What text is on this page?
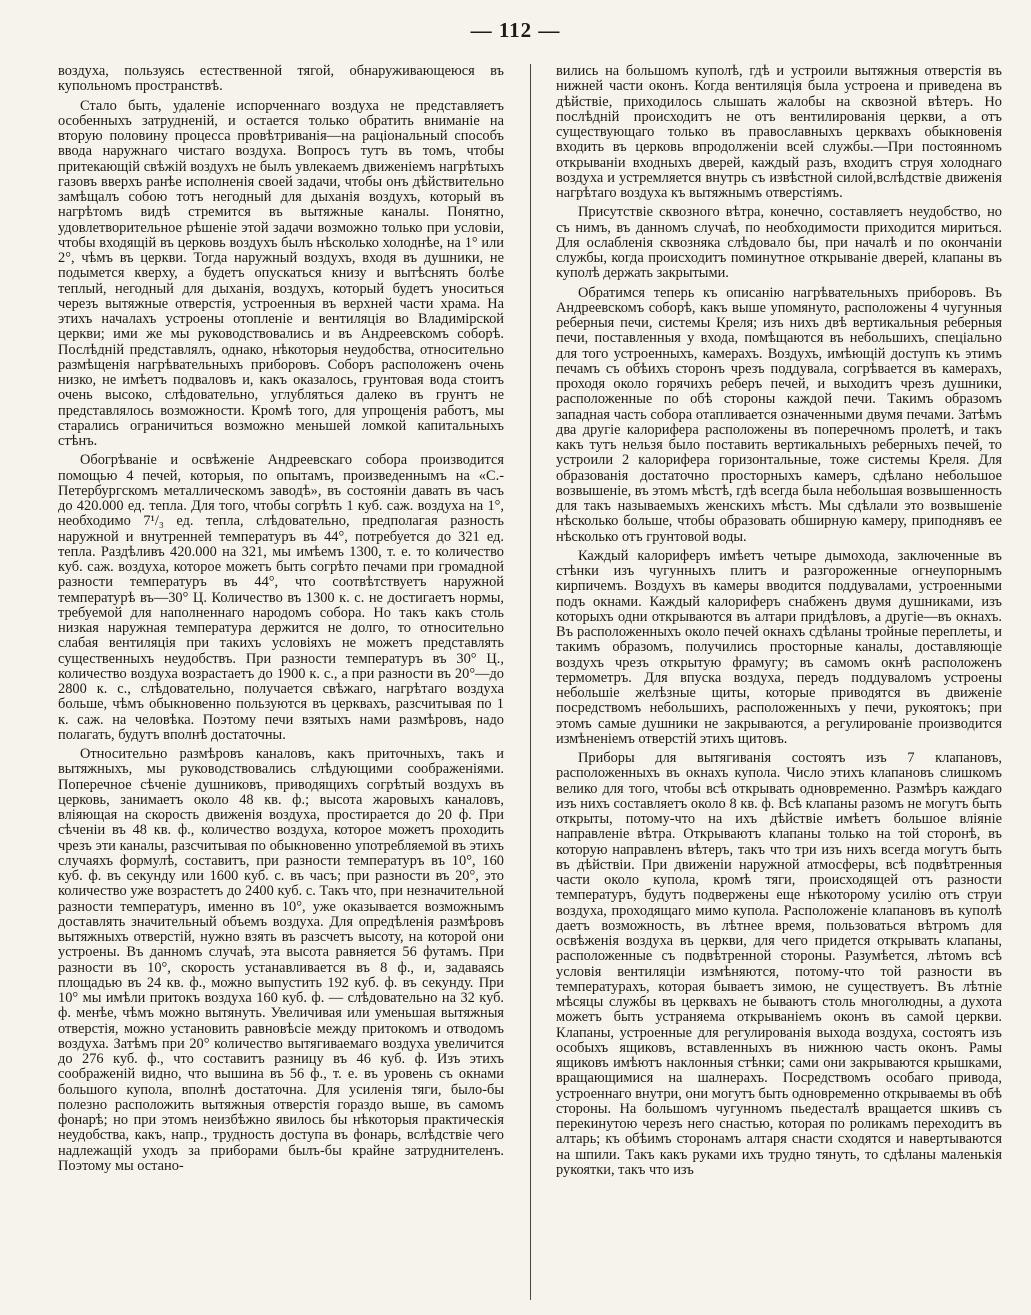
— 112 —

воздуха, пользуясь естественной тягой, обнаруживающеюся въ купольномъ пространствѣ.

Стало быть, удаленіе испорченнаго воздуха не представляетъ особенныхъ затрудненій, и остается только обратить вниманіе на вторую половину процесса провѣтриванія—на раціональный способъ ввода наружнаго чистаго воздуха. Вопросъ тутъ въ томъ, чтобы притекающій свѣжій воздухъ не былъ увлекаемъ движеніемъ нагрѣтыхъ газовъ вверхъ ранѣе исполненія своей задачи, чтобы онъ дѣйствительно замѣщалъ собою тотъ негодный для дыханія воздухъ, который въ нагрѣтомъ видѣ стремится въ вытяжные каналы. Понятно, удовлетворительное рѣшеніе этой задачи возможно только при условіи, чтобы входящій въ церковь воздухъ былъ нѣсколько холоднѣе, на 1° или 2°, чѣмъ въ церкви. Тогда наружный воздухъ, входя въ душники, не подымется кверху, а будетъ опускаться книзу и вытѣснять болѣе теплый, негодный для дыханія, воздухъ, который будетъ уноситься черезъ вытяжные отверстія, устроенныя въ верхней части храма. На этихъ началахъ устроены отопленіе и вентиляція во Владимірской церкви; ими же мы руководствовались и въ Андреевскомъ соборѣ. Послѣдній представлялъ, однако, нѣкоторыя неудобства, относительно размѣщенія нагрѣвательныхъ приборовъ. Соборъ расположенъ очень низко, не имѣетъ подваловъ и, какъ оказалось, грунтовая вода стоитъ очень высоко, слѣдовательно, углубляться далеко въ грунтъ не представлялось возможности. Кромѣ того, для упрощенія работъ, мы старались ограничиться возможно меньшей ломкой капитальныхъ стѣнъ.

Обогрѣваніе и освѣженіе Андреевскаго собора производится помощью 4 печей, которыя, по опытамъ, произведеннымъ на «С.-Петербургскомъ металлическомъ заводѣ», въ состояніи давать въ часъ до 420.000 ед. тепла. Для того, чтобы согрѣть 1 куб. саж. воздуха на 1°, необходимо 7¹/₃ ед. тепла, слѣдовательно, предполагая разность наружной и внутренней температуръ въ 44°, потребуется до 321 ед. тепла. Раздѣливъ 420.000 на 321, мы имѣемъ 1300, т. е. то количество куб. саж. воздуха, которое можетъ быть согрѣто печами при громадной разности температуръ въ 44°, что соотвѣтствуетъ наружной температурѣ въ—30° Ц. Количество въ 1300 к. с. не достигаетъ нормы, требуемой для наполненнаго народомъ собора. Но такъ какъ столь низкая наружная температура держится не долго, то относительно слабая вентиляція при такихъ условіяхъ не можетъ представлять существенныхъ неудобствъ. При разности температуръ въ 30° Ц., количество воздуха возрастаетъ до 1900 к. с., а при разности въ 20°—до 2800 к. с., слѣдовательно, получается свѣжаго, нагрѣтаго воздуха больше, чѣмъ обыкновенно пользуются въ церквахъ, разсчитывая по 1 к. саж. на человѣка. Поэтому печи взятыхъ нами размѣровъ, надо полагать, будутъ вполнѣ достаточны.

Относительно размѣровъ каналовъ, какъ приточныхъ, такъ и вытяжныхъ, мы руководствовались слѣдующими соображеніями. Поперечное сѣченіе душниковъ, приводящихъ согрѣтый воздухъ въ церковь, занимаетъ около 48 кв. ф.; высота жаровыхъ каналовъ, вліяющая на скорость движенія воздуха, простирается до 20 ф. При сѣченіи въ 48 кв. ф., количество воздуха, которое можетъ проходить чрезъ эти каналы, разсчитывая по обыкновенно употребляемой въ этихъ случаяхъ формулѣ, составитъ, при разности температуръ въ 10°, 160 куб. ф. въ секунду или 1600 куб. с. въ часъ; при разности въ 20°, это количество уже возрастетъ до 2400 куб. с. Такъ что, при незначительной разности температуръ, именно въ 10°, уже оказывается возможнымъ доставлять значительный объемъ воздуха. Для опредѣленія размѣровъ вытяжныхъ отверстій, нужно взять въ разсчетъ высоту, на которой они устроены. Въ данномъ случаѣ, эта высота равняется 56 футамъ. При разности въ 10°, скорость устанавливается въ 8 ф., и, задаваясь площадью въ 24 кв. ф., можно выпустить 192 куб. ф. въ секунду. При 10° мы имѣли притокъ воздуха 160 куб. ф. — слѣдовательно на 32 куб. ф. менѣе, чѣмъ можно вытянуть. Увеличивая или уменьшая вытяжныя отверстія, можно установить равновѣсіе между притокомъ и отводомъ воздуха. Затѣмъ при 20° количество вытягиваемаго воздуха увеличится до 276 куб. ф., что составитъ разницу въ 46 куб. ф. Изъ этихъ соображеній видно, что вышина въ 56 ф., т. е. въ уровень съ окнами большого купола, вполнѣ достаточна. Для усиленія тяги, было-бы полезно расположить вытяжныя отверстія гораздо выше, въ самомъ фонарѣ; но при этомъ неизбѣжно явилось бы нѣкоторыя практическія неудобства, какъ, напр., трудность доступа въ фонарь, вслѣдствіе чего надлежащій уходъ за приборами былъ-бы крайне затруднителенъ. Поэтому мы остано-

вились на большомъ куполѣ, гдѣ и устроили вытяжныя отверстія въ нижней части оконъ. Когда вентиляція была устроена и приведена въ дѣйствіе, приходилось слышать жалобы на сквозной вѣтеръ. Но послѣдній происходитъ не отъ вентилированія церкви, а отъ существующаго только въ православныхъ церквахъ обыкновенія входить въ церковь впродолженіи всей службы.—При постоянномъ открываніи входныхъ дверей, каждый разъ, входитъ струя холоднаго воздуха и устремляется внутрь съ извѣстной силой,вслѣдствіе движенія нагрѣтаго воздуха къ вытяжнымъ отверстіямъ.

Присутствіе сквозного вѣтра, конечно, составляетъ неудобство, но съ нимъ, въ данномъ случаѣ, по необходимости приходится мириться. Для ослабленія сквозняка слѣдовало бы, при началѣ и по окончаніи службы, когда происходитъ поминутное открываніе дверей, клапаны въ куполѣ держать закрытыми.

Обратимся теперь къ описанію нагрѣвательныхъ приборовъ. Въ Андреевскомъ соборѣ, какъ выше упомянуто, расположены 4 чугунныя реберныя печи, системы Креля; изъ нихъ двѣ вертикальныя реберныя печи, поставленныя у входа, помѣщаются въ небольшихъ, спеціально для того устроенныхъ, камерахъ. Воздухъ, имѣющій доступъ къ этимъ печамъ съ обѣихъ сторонъ чрезъ поддувала, согрѣвается въ камерахъ, проходя около горячихъ реберъ печей, и выходитъ чрезъ душники, расположенные по обѣ стороны каждой печи. Такимъ образомъ западная часть собора отапливается означенными двумя печами. Затѣмъ два другіе калорифера расположены въ поперечномъ пролетѣ, и такъ какъ тутъ нельзя было поставить вертикальныхъ реберныхъ печей, то устроили 2 калорифера горизонтальные, тоже системы Креля. Для образованія достаточно просторныхъ камеръ, сдѣлано небольшое возвышеніе, въ этомъ мѣстѣ, гдѣ всегда была небольшая возвышенность для такъ называемыхъ женскихъ мѣстъ. Мы сдѣлали это возвышеніе нѣсколько больше, чтобы образовать обширную камеру, приподнявъ ее нѣсколько отъ грунтовой воды.

Каждый калориферъ имѣетъ четыре дымохода, заключенные въ стѣнки изъ чугунныхъ плитъ и разгороженные огнеупорнымъ кирпичемъ. Воздухъ въ камеры вводится поддувалами, устроенными подъ окнами. Каждый калориферъ снабженъ двумя душниками, изъ которыхъ одни открываются въ алтари придѣловъ, а другіе—въ окнахъ. Въ расположенныхъ около печей окнахъ сдѣланы тройные переплеты, и такимъ образомъ, получились просторные каналы, доставляющіе воздухъ чрезъ открытую фрамугу; въ самомъ окнѣ расположенъ термометръ. Для впуска воздуха, передъ поддуваломъ устроены небольшіе желѣзные щиты, которые приводятся въ движеніе посредствомъ небольшихъ, расположенныхъ у печи, рукоятокъ; при этомъ самые душники не закрываются, а регулированіе производится измѣненіемъ отверстій этихъ щитовъ.

Приборы для вытягиванія состоятъ изъ 7 клапановъ, расположенныхъ въ окнахъ купола. Число этихъ клапановъ слишкомъ велико для того, чтобы всѣ открывать одновременно. Размѣръ каждаго изъ нихъ составляетъ около 8 кв. ф. Всѣ клапаны разомъ не могутъ быть открыты, потому-что на ихъ дѣйствіе имѣетъ большое вліяніе направленіе вѣтра. Открываютъ клапаны только на той сторонѣ, въ которую направленъ вѣтеръ, такъ что три изъ нихъ всегда могутъ быть въ дѣйствіи. При движеніи наружной атмосферы, всѣ подвѣтренныя части около купола, кромѣ тяги, происходящей отъ разности температуръ, будутъ подвержены еще нѣкоторому усилію отъ струи воздуха, проходящаго мимо купола. Расположеніе клапановъ въ куполѣ даетъ возможность, въ лѣтнее время, пользоваться вѣтромъ для освѣженія воздуха въ церкви, для чего придется открывать клапаны, расположенные съ подвѣтренной стороны. Разумѣется, лѣтомъ всѣ условія вентиляціи измѣняются, потому-что той разности въ температурахъ, которая бываетъ зимою, не существуетъ. Въ лѣтніе мѣсяцы службы въ церквахъ не бываютъ столь многолюдны, а духота можетъ быть устраняема открываніемъ оконъ въ самой церкви. Клапаны, устроенные для регулированія выхода воздуха, состоятъ изъ особыхъ ящиковъ, вставленныхъ въ нижнюю часть оконъ. Рамы ящиковъ имѣютъ наклонныя стѣнки; сами они закрываются крышками, вращающимися на шалнерахъ. Посредствомъ особаго привода, устроеннаго внутри, они могутъ быть одновременно открываемы въ обѣ стороны. На большомъ чугунномъ пьедесталѣ вращается шкивъ съ перекинутою черезъ него снастью, которая по роликамъ переходитъ въ алтарь; къ обѣимъ сторонамъ алтаря снасти сходятся и навертываются на шпили. Такъ какъ руками ихъ трудно тянуть, то сдѣланы маленькія рукоятки, такъ что изъ
